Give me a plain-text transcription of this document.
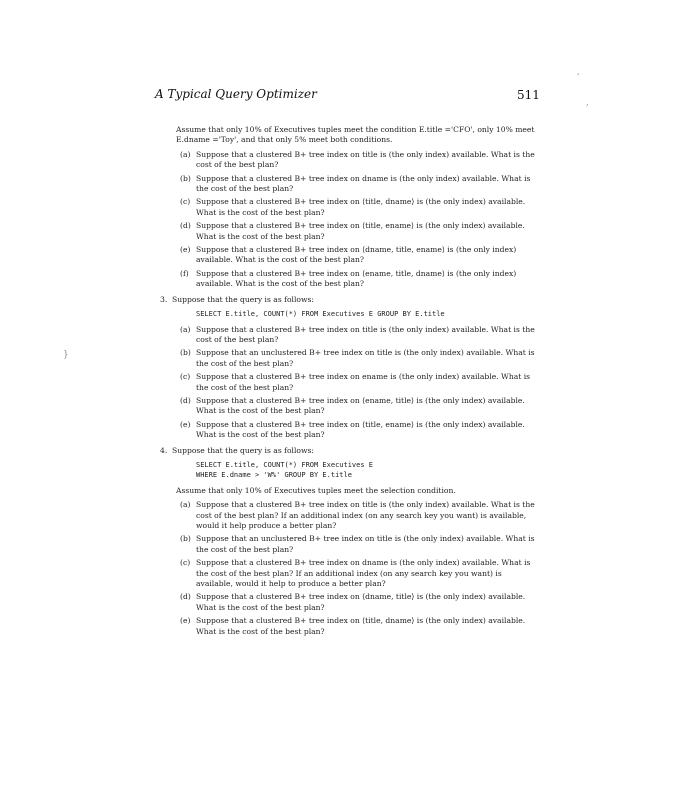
A Typical Query Optimizer	511
'
,
}

Assume that only 10% of Executives tuples meet the condition E.title ='CFO', only 10% meet E.dname ='Toy', and that only 5% meet both conditions.

(a) Suppose that a clustered B+ tree index on title is (the only index) available. What is the cost of the best plan?
(b) Suppose that a clustered B+ tree index on dname is (the only index) available. What is the cost of the best plan?
(c) Suppose that a clustered B+ tree index on ⟨title, dname⟩ is (the only index) available. What is the cost of the best plan?
(d) Suppose that a clustered B+ tree index on ⟨title, ename⟩ is (the only index) available. What is the cost of the best plan?
(e) Suppose that a clustered B+ tree index on ⟨dname, title, ename⟩ is (the only index) available. What is the cost of the best plan?
(f) Suppose that a clustered B+ tree index on ⟨ename, title, dname⟩ is (the only index) available. What is the cost of the best plan?
3. Suppose that the query is as follows:
SELECT E.title, COUNT(*) FROM Executives E GROUP BY E.title
(a) Suppose that a clustered B+ tree index on title is (the only index) available. What is the cost of the best plan?
(b) Suppose that an unclustered B+ tree index on title is (the only index) available. What is the cost of the best plan?
(c) Suppose that a clustered B+ tree index on ename is (the only index) available. What is the cost of the best plan?
(d) Suppose that a clustered B+ tree index on ⟨ename, title⟩ is (the only index) available. What is the cost of the best plan?
(e) Suppose that a clustered B+ tree index on ⟨title, ename⟩ is (the only index) available. What is the cost of the best plan?
4. Suppose that the query is as follows:
SELECT E.title, COUNT(*) FROM Executives E
WHERE E.dname > 'W%' GROUP BY E.title

Assume that only 10% of Executives tuples meet the selection condition.

(a) Suppose that a clustered B+ tree index on title is (the only index) available. What is the cost of the best plan? If an additional index (on any search key you want) is available, would it help produce a better plan?
(b) Suppose that an unclustered B+ tree index on title is (the only index) available. What is the cost of the best plan?
(c) Suppose that a clustered B+ tree index on dname is (the only index) available. What is the cost of the best plan? If an additional index (on any search key you want) is available, would it help to produce a better plan?
(d) Suppose that a clustered B+ tree index on ⟨dname, title⟩ is (the only index) available. What is the cost of the best plan?
(e) Suppose that a clustered B+ tree index on ⟨title, dname⟩ is (the only index) available. What is the cost of the best plan?
